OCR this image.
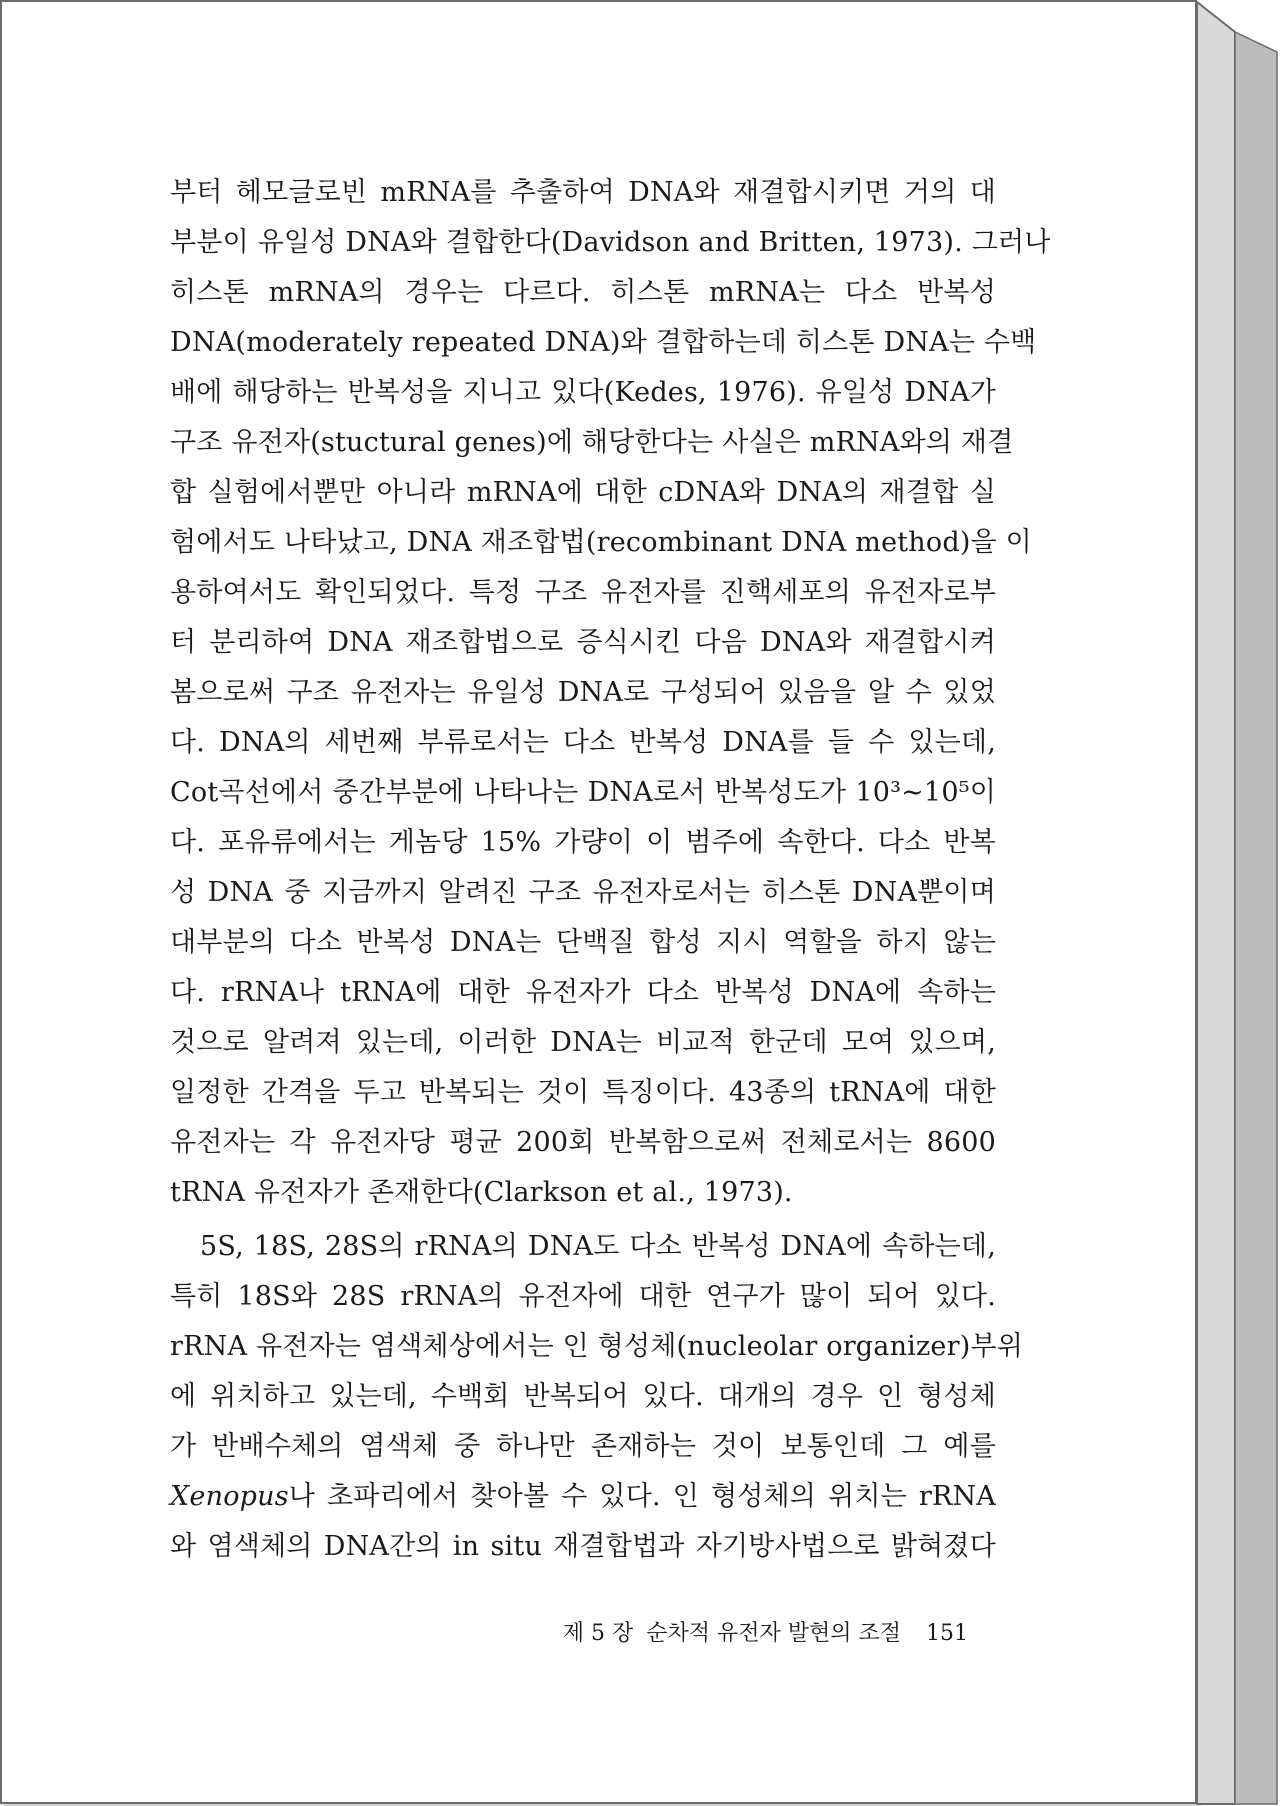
부터 헤모글로빈 mRNA를 추출하여 DNA와 재결합시키면 거의 대
부분이 유일성 DNA와 결합한다(Davidson and Britten, 1973). 그러나
히스톤 mRNA의 경우는 다르다. 히스톤 mRNA는 다소 반복성
DNA(moderately repeated DNA)와 결합하는데 히스톤 DNA는 수백
배에 해당하는 반복성을 지니고 있다(Kedes, 1976). 유일성 DNA가
구조 유전자(stuctural genes)에 해당한다는 사실은 mRNA와의 재결
합 실험에서뿐만 아니라 mRNA에 대한 cDNA와 DNA의 재결합 실
험에서도 나타났고, DNA 재조합법(recombinant DNA method)을 이
용하여서도 확인되었다. 특정 구조 유전자를 진핵세포의 유전자로부
터 분리하여 DNA 재조합법으로 증식시킨 다음 DNA와 재결합시켜
봄으로써 구조 유전자는 유일성 DNA로 구성되어 있음을 알 수 있었
다. DNA의 세번째 부류로서는 다소 반복성 DNA를 들 수 있는데,
Cot곡선에서 중간부분에 나타나는 DNA로서 반복성도가 10³∼10⁵이
다. 포유류에서는 게놈당 15% 가량이 이 범주에 속한다. 다소 반복
성 DNA 중 지금까지 알려진 구조 유전자로서는 히스톤 DNA뿐이며
대부분의 다소 반복성 DNA는 단백질 합성 지시 역할을 하지 않는
다. rRNA나 tRNA에 대한 유전자가 다소 반복성 DNA에 속하는
것으로 알려져 있는데, 이러한 DNA는 비교적 한군데 모여 있으며,
일정한 간격을 두고 반복되는 것이 특징이다. 43종의 tRNA에 대한
유전자는 각 유전자당 평균 200회 반복함으로써 전체로서는 8600
tRNA 유전자가 존재한다(Clarkson et al., 1973).
5S, 18S, 28S의 rRNA의 DNA도 다소 반복성 DNA에 속하는데,
특히 18S와 28S rRNA의 유전자에 대한 연구가 많이 되어 있다.
rRNA 유전자는 염색체상에서는 인 형성체(nucleolar organizer)부위
에 위치하고 있는데, 수백회 반복되어 있다. 대개의 경우 인 형성체
가 반배수체의 염색체 중 하나만 존재하는 것이 보통인데 그 예를
Xenopus나 초파리에서 찾아볼 수 있다. 인 형성체의 위치는 rRNA
와 염색체의 DNA간의 in situ 재결합법과 자기방사법으로 밝혀졌다
제 5 장 순차적 유전자 발현의 조절 151
